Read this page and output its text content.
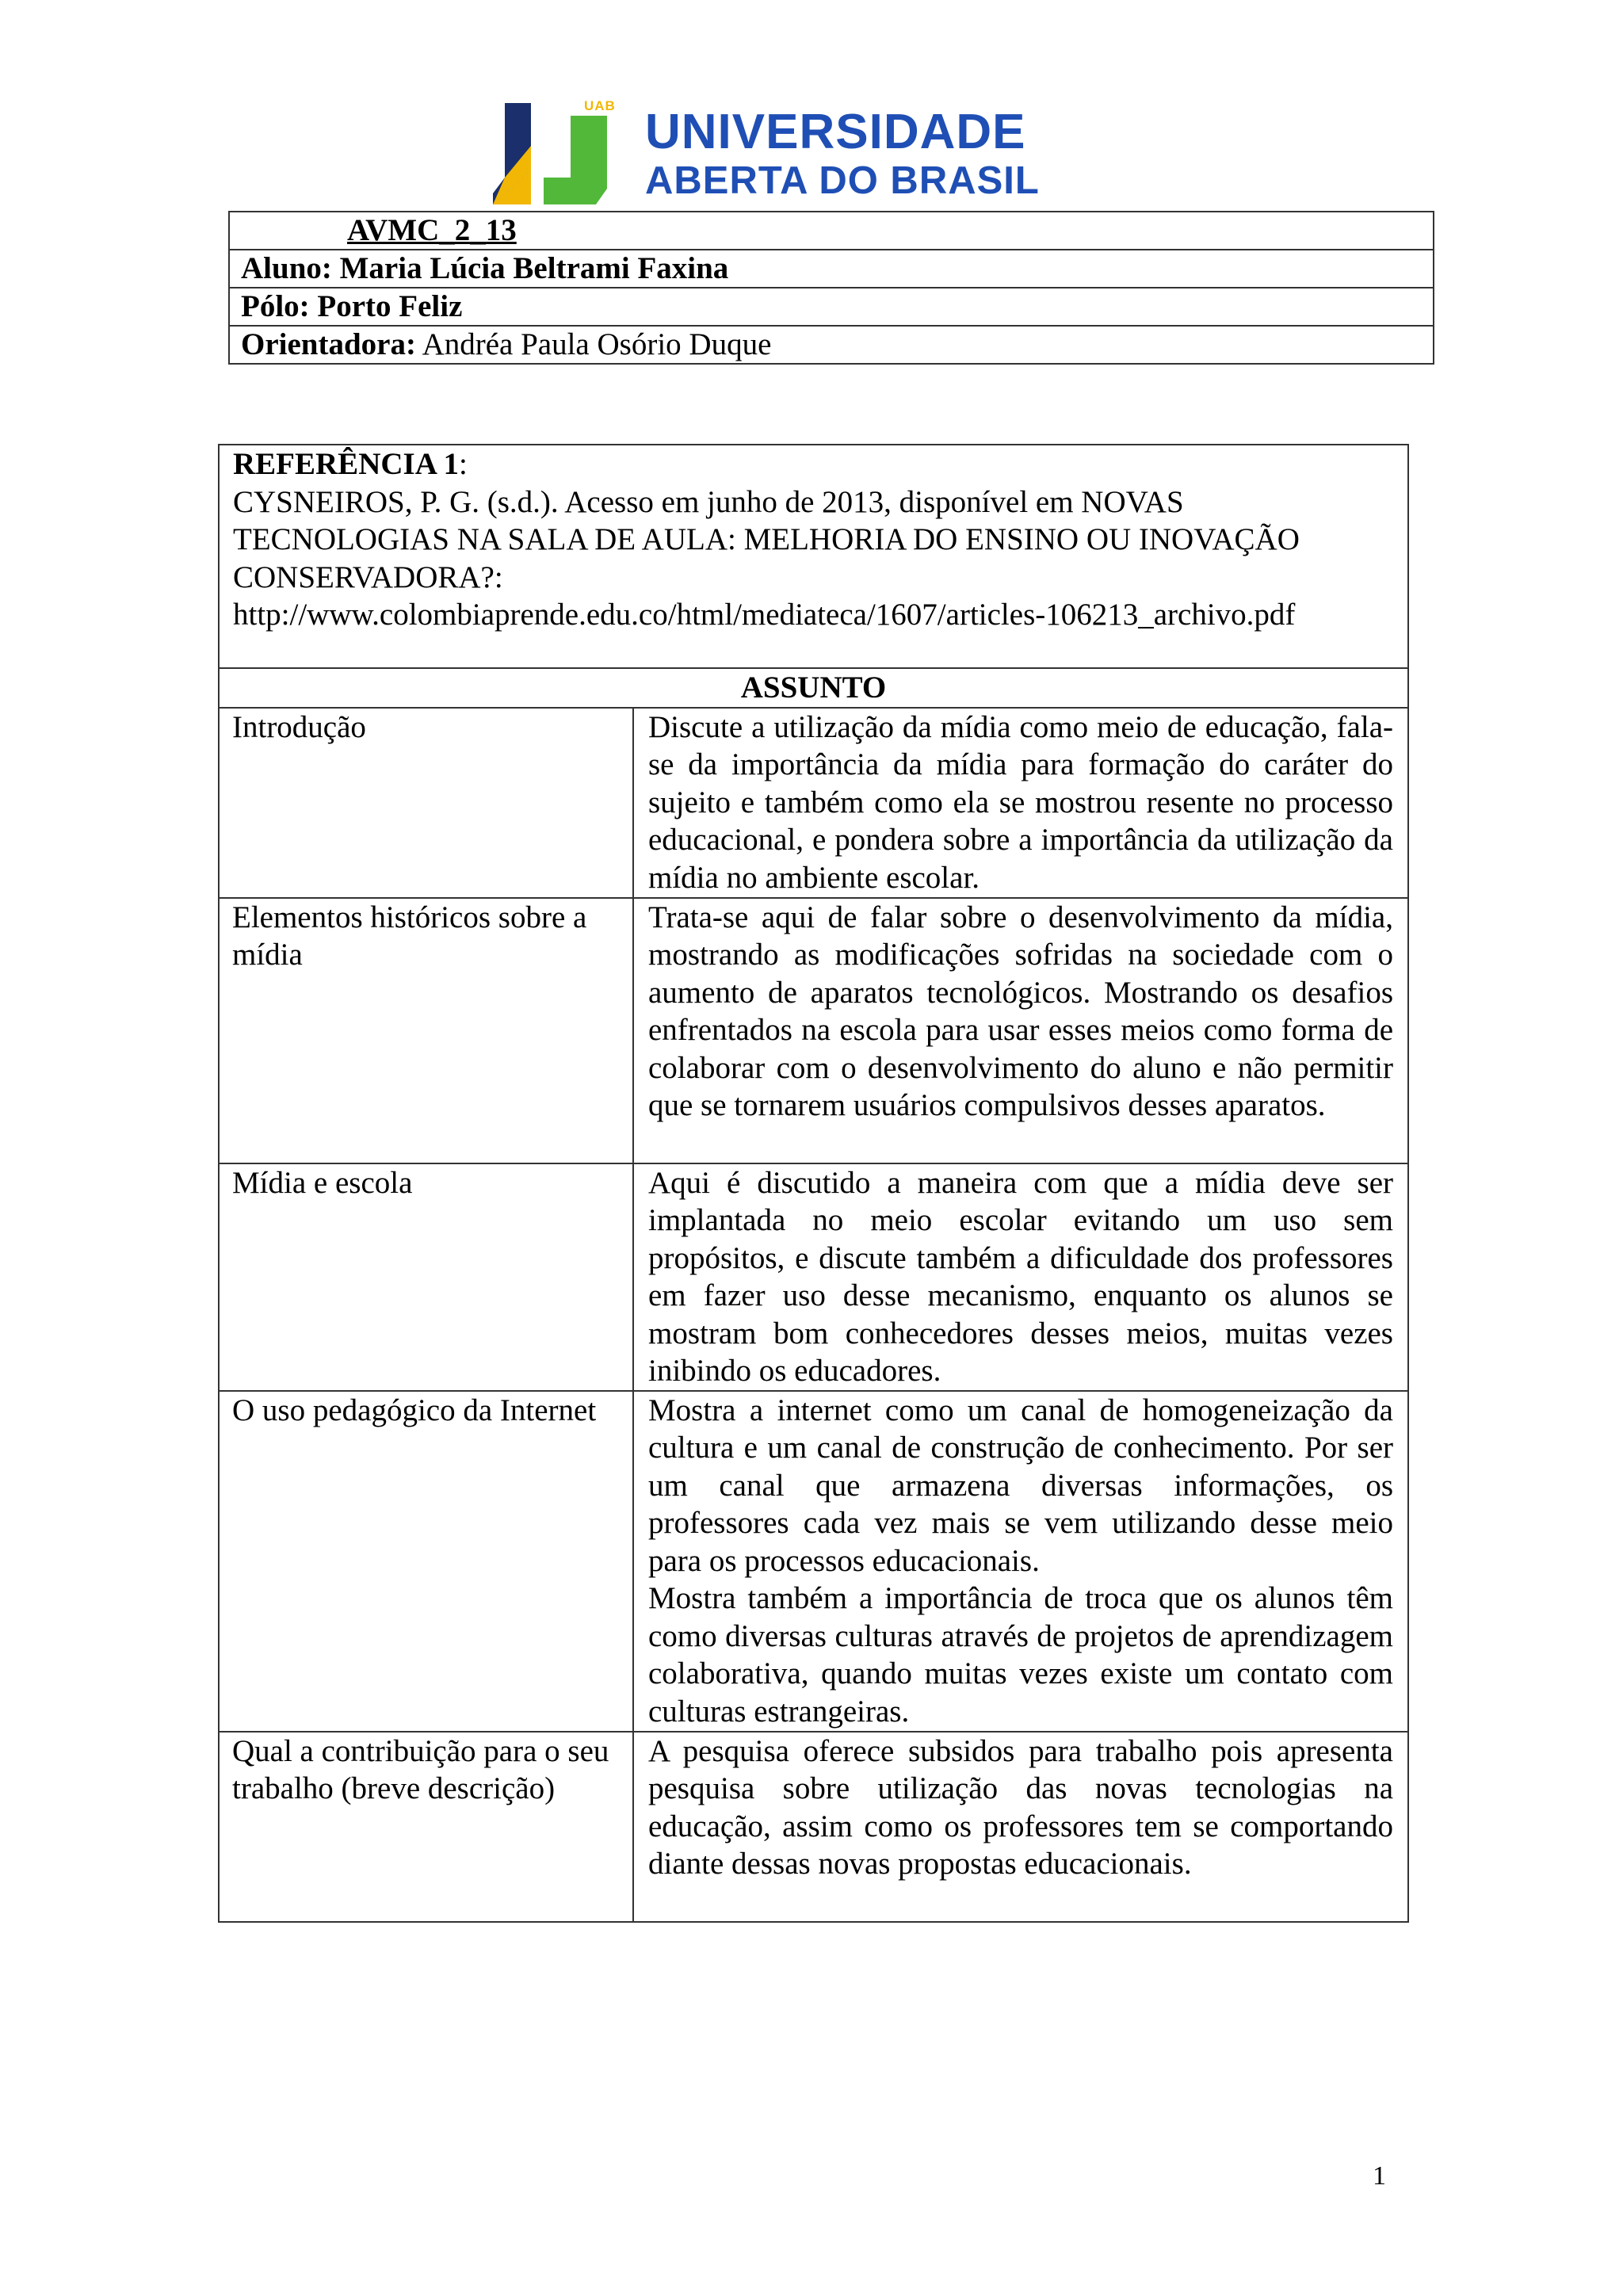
UAB UNIVERSIDADE
ABERTA DO BRASIL
AVMC_2_13
Aluno: Maria Lúcia Beltrami Faxina
Pólo: Porto Feliz
Orientadora: Andréa Paula Osório Duque
REFERÊNCIA 1:
CYSNEIROS, P. G. (s.d.). Acesso em junho de 2013, disponível em NOVAS
TECNOLOGIAS NA SALA DE AULA: MELHORIA DO ENSINO OU INOVAÇÃO
CONSERVADORA?:
http://www.colombiaprende.edu.co/html/mediateca/1607/articles-106213_archivo.pdf	

ASSUNTO	
Introdução	Discute a utilização da mídia como meio de educação, fala-se da importância da mídia para formação do caráter do sujeito e também como ela se mostrou resente no processo educacional, e pondera sobre a importância da utilização da mídia no ambiente escolar.

Elementos históricos sobre a mídia	Trata-se aqui de falar sobre o desenvolvimento da mídia, mostrando as modificações sofridas na sociedade com o aumento de aparatos tecnológicos. Mostrando os desafios enfrentados na escola para usar esses meios como forma de colaborar com o desenvolvimento do aluno e não permitir que se tornarem usuários compulsivos desses aparatos.

Mídia e escola	Aqui é discutido a maneira com que a mídia deve ser implantada no meio escolar evitando um uso sem propósitos, e discute também a dificuldade dos professores em fazer uso desse mecanismo, enquanto os alunos se mostram bom conhecedores desses meios, muitas vezes inibindo os educadores.

O uso pedagógico da Internet	Mostra a internet como um canal de homogeneização da cultura e um canal de construção de conhecimento. Por ser um canal que armazena diversas informações, os professores cada vez mais se vem utilizando desse meio para os processos educacionais.
Mostra também a importância de troca que os alunos têm como diversas culturas através de projetos de aprendizagem colaborativa, quando muitas vezes existe um contato com culturas estrangeiras.

Qual a contribuição para o seu trabalho (breve descrição)	A pesquisa oferece subsidos para trabalho pois apresenta pesquisa sobre utilização das novas tecnologias na educação, assim como os professores tem se comportando diante dessas novas propostas educacionais.
1
